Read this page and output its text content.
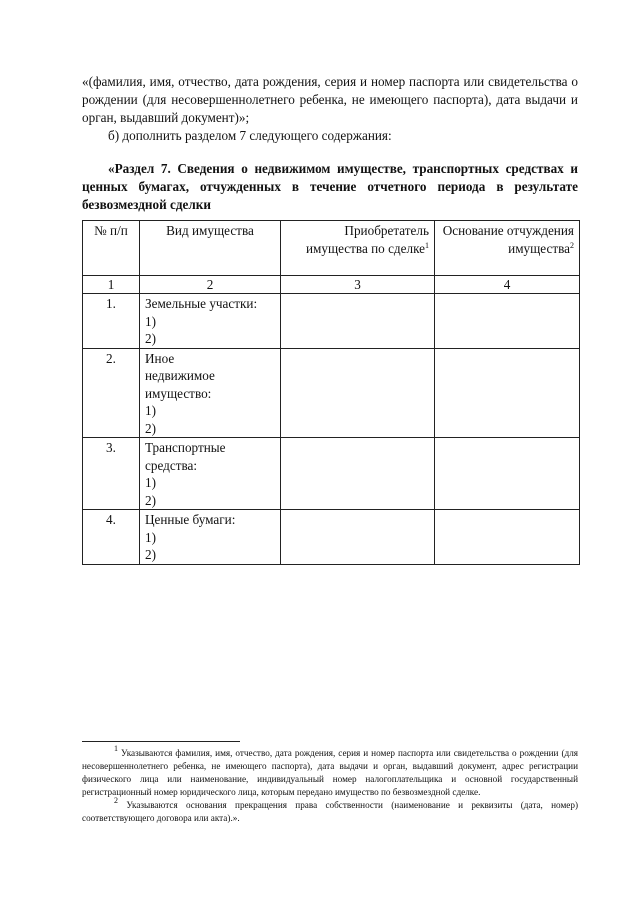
«(фамилия, имя, отчество, дата рождения, серия и номер паспорта или свидетельства о рождении (для несовершеннолетнего ребенка, не имеющего паспорта), дата выдачи и орган, выдавший документ)»;

б) дополнить разделом 7 следующего содержания:

«Раздел 7. Сведения о недвижимом имуществе, транспортных средствах и ценных бумагах, отчужденных в течение отчетного периода в результате безвозмездной сделки
№ п/п	Вид имущества	Приобретатель имущества по сделке$^1$	Основание отчуждения имущества$^2$
1	2	3	4
1.	Земельные участки:
1)
2)		

2.	Иное
недвижимое
имущество:
1)
2)		

3.	Транспортные
средства:
1)
2)		

4.	Ценные бумаги:
1)
2)		

$^1$ Указываются фамилия, имя, отчество, дата рождения, серия и номер паспорта или свидетельства о рождении (для несовершеннолетнего ребенка, не имеющего паспорта), дата выдачи и орган, выдавший документ, адрес регистрации физического лица или наименование, индивидуальный номер налогоплательщика и основной государственный регистрационный номер юридического лица, которым передано имущество по безвозмездной сделке.

$^2$ Указываются основания прекращения права собственности (наименование и реквизиты (дата, номер) соответствующего договора или акта).».
